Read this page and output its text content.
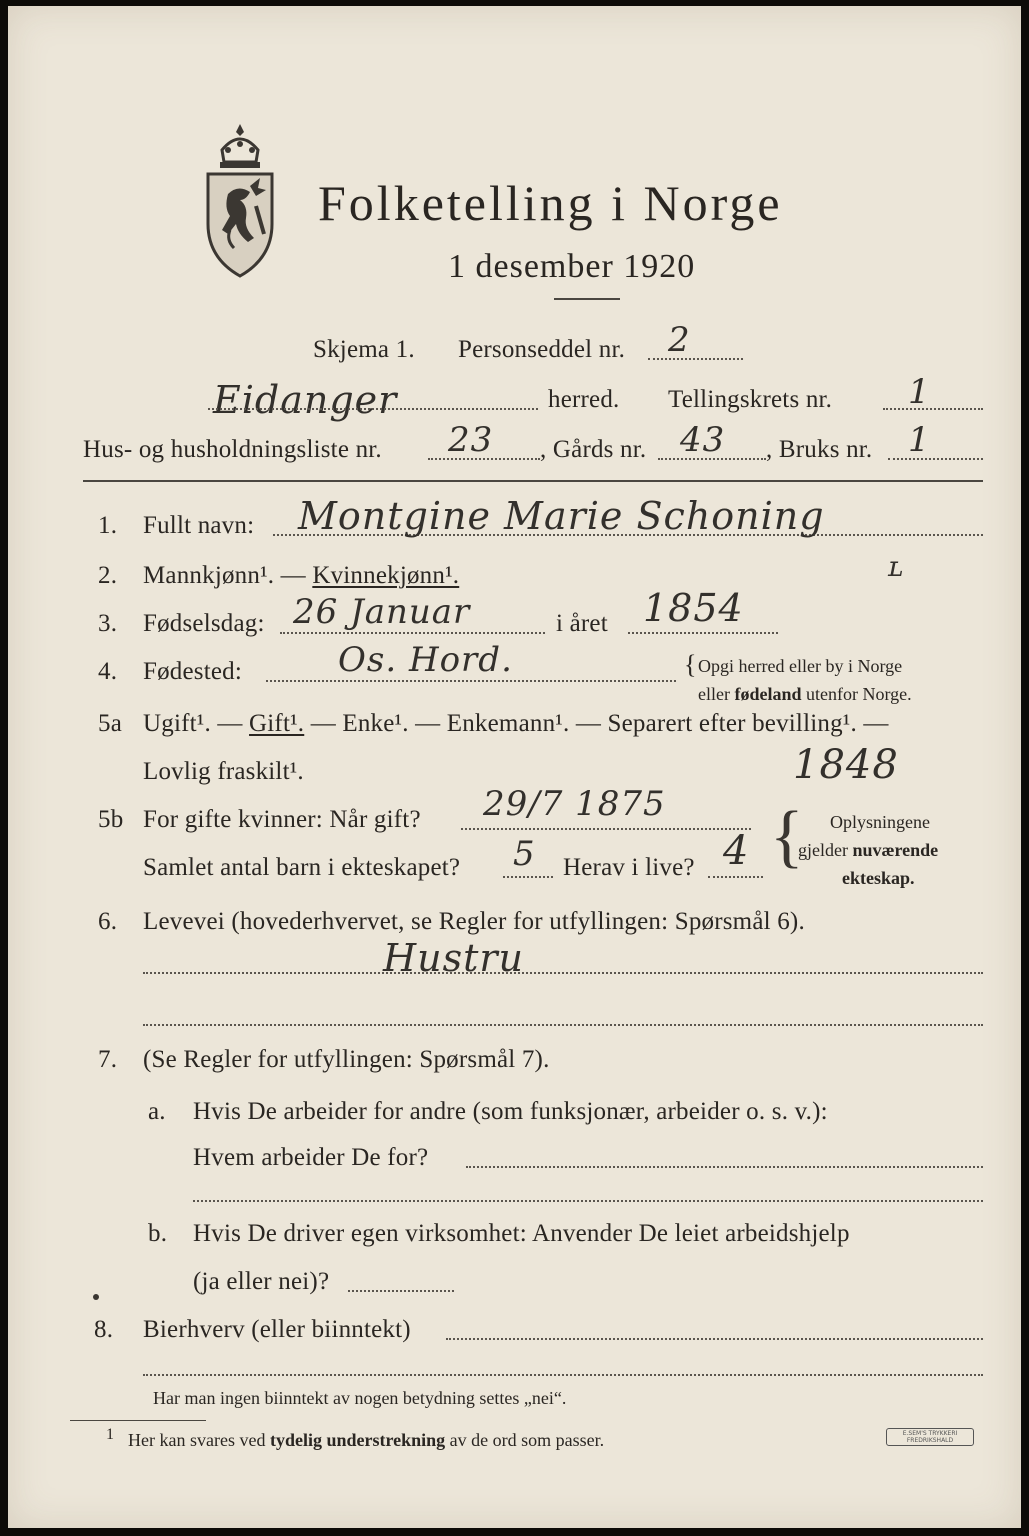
Folketelling i Norge
1 desember 1920
Skjema 1. Personseddel nr. 2
Eidanger	herred. Tellingskrets nr. 1
Hus- og husholdningsliste nr. 23 , Gårds nr. 43 , Bruks nr. 1
1. Fullt navn: Montgine Marie Schoning
2. Mannkjønn¹. — Kvinnekjønn¹.	ʟ
3. Fødselsdag: 26 Januar	i året 1854
4. Fødested:	Os. Hord.	{ Opgi herred eller by i Norge
eller fødeland utenfor Norge.
5a Ugift¹. — Gift¹. — Enke¹. — Enkemann¹. — Separert efter bevilling¹. —
Lovlig fraskilt¹.	1848
5b For gifte kvinner: Når gift? 29/7 1875
Samlet antal barn i ekteskapet? 5 Herav i live? 4 { Oplysningene
gjelder nuværende
ekteskap.
6. Levevei (hovederhvervet, se Regler for utfyllingen: Spørsmål 6).
Hustru
7. (Se Regler for utfyllingen: Spørsmål 7).
a. Hvis De arbeider for andre (som funksjonær, arbeider o. s. v.):
Hvem arbeider De for?
b. Hvis De driver egen virksomhet: Anvender De leiet arbeidshjelp
(ja eller nei)?
8. Bierhverv (eller biinntekt)
Har man ingen biinntekt av nogen betydning settes „nei“.
1 Her kan svares ved tydelig understrekning av de ord som passer.	E.SEM'S TRYKKERI
FREDRIKSHALD
